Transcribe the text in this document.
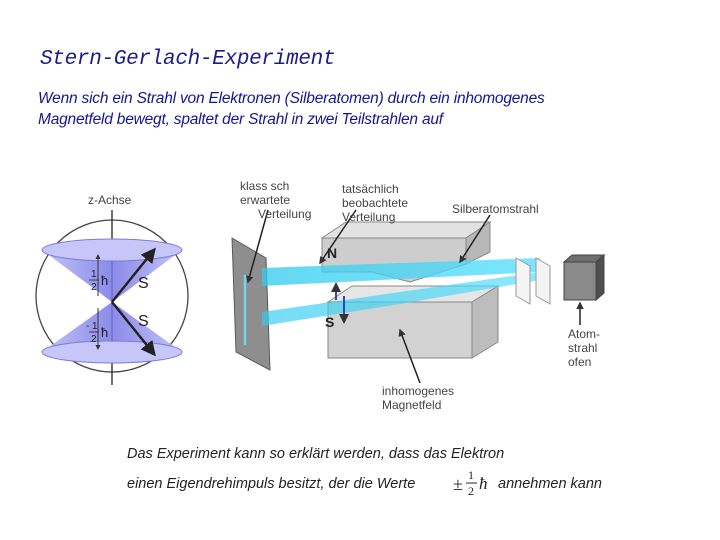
Stern-Gerlach-Experiment
Wenn sich ein Strahl von Elektronen (Silberatomen) durch ein inhomogenes
Magnetfeld bewegt, spaltet der Strahl in zwei Teilstrahlen auf
z-Achse
S
S
1
2 ħ
- 1
2 ħ
N
S
klass sch
erwartete
Verteilung
tatsächlich
beobachtete
Verteilung
Silberatomstrahl
inhomogenes
Magnetfeld
Atom-
strahl
ofen
Das Experiment kann so erklärt werden, dass das Elektron
einen Eigendrehimpuls besitzt, der die Werte ± 1
2 ħ annehmen kann
